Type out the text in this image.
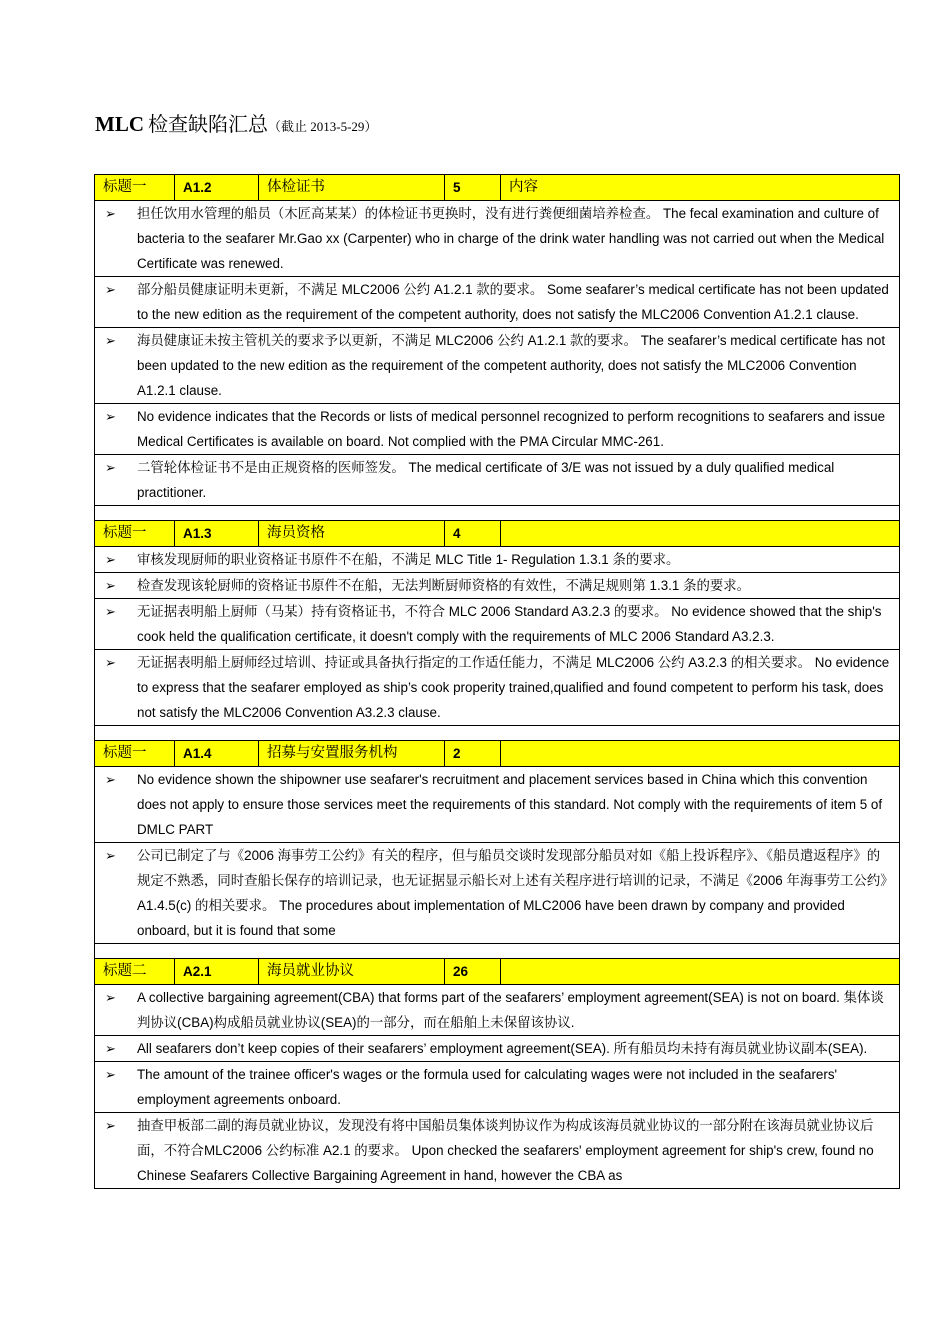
MLC 检查缺陷汇总（截止 2013-5-29）
标题一	A1.2	体检证书	5	内容

➢ 担任饮用水管理的船员（木匠高某某）的体检证书更换时，没有进行粪便细菌培养检查。 The fecal examination and culture of bacteria to the seafarer Mr.Gao xx (Carpenter) who in charge of the drink water handling was not carried out when the Medical Certificate was renewed.				

➢ 部分船员健康证明未更新，不满足 MLC2006 公约 A1.2.1 款的要求。 Some seafarer’s medical certificate has not been updated to the new edition as the requirement of the competent authority, does not satisfy the MLC2006 Convention A1.2.1 clause.				

➢ 海员健康证未按主管机关的要求予以更新，不满足 MLC2006 公约 A1.2.1 款的要求。 The seafarer’s medical certificate has not been updated to the new edition as the requirement of the competent authority, does not satisfy the MLC2006 Convention A1.2.1 clause.				

➢ No evidence indicates that the Records or lists of medical personnel recognized to perform recognitions to seafarers and issue Medical Certificates is available on board. Not complied with the PMA Circular MMC-261.				

➢ 二管轮体检证书不是由正规资格的医师签发。 The medical certificate of 3/E was not issued by a duly qualified medical practitioner.				

标题一	A1.3	海员资格	4	

➢ 审核发现厨师的职业资格证书原件不在船，不满足 MLC Title 1- Regulation 1.3.1 条的要求。				

➢ 检查发现该轮厨师的资格证书原件不在船，无法判断厨师资格的有效性，不满足规则第 1.3.1 条的要求。				

➢ 无证据表明船上厨师（马某）持有资格证书，不符合 MLC 2006 Standard A3.2.3 的要求。 No evidence showed that the ship's cook held the qualification certificate, it doesn't comply with the requirements of MLC 2006 Standard A3.2.3.				

➢ 无证据表明船上厨师经过培训、持证或具备执行指定的工作适任能力，不满足 MLC2006 公约 A3.2.3 的相关要求。 No evidence to express that the seafarer employed as ship’s cook properity trained,qualified and found competent to perform his task, does not satisfy the MLC2006 Convention A3.2.3 clause.				

标题一	A1.4	招募与安置服务机构	2	

➢ No evidence shown the shipowner use seafarer's recruitment and placement services based in China which this convention does not apply to ensure those services meet the requirements of this standard. Not comply with the requirements of item 5 of DMLC PART				

➢ 公司已制定了与《2006 海事劳工公约》有关的程序，但与船员交谈时发现部分船员对如《船上投诉程序》、《船员遣返程序》的规定不熟悉，同时查船长保存的培训记录，也无证据显示船长对上述有关程序进行培训的记录，不满足《2006 年海事劳工公约》A1.4.5(c) 的相关要求。 The procedures about implementation of MLC2006 have been drawn by company and provided onboard, but it is found that some				

标题二	A2.1	海员就业协议	26	

➢ A collective bargaining agreement(CBA) that forms part of the seafarers’ employment agreement(SEA) is not on board. 集体谈判协议(CBA)构成船员就业协议(SEA)的一部分，而在船舶上未保留该协议.				

➢ All seafarers don’t keep copies of their seafarers’ employment agreement(SEA). 所有船员均未持有海员就业协议副本(SEA).				

➢ The amount of the trainee officer's wages or the formula used for calculating wages were not included in the seafarers' employment agreements onboard.				

➢ 抽查甲板部二副的海员就业协议，发现没有将中国船员集体谈判协议作为构成该海员就业协议的一部分附在该海员就业协议后面，不符合MLC2006 公约标准 A2.1 的要求。 Upon checked the seafarers' employment agreement for ship's crew, found no Chinese Seafarers Collective Bargaining Agreement in hand, however the CBA as				
